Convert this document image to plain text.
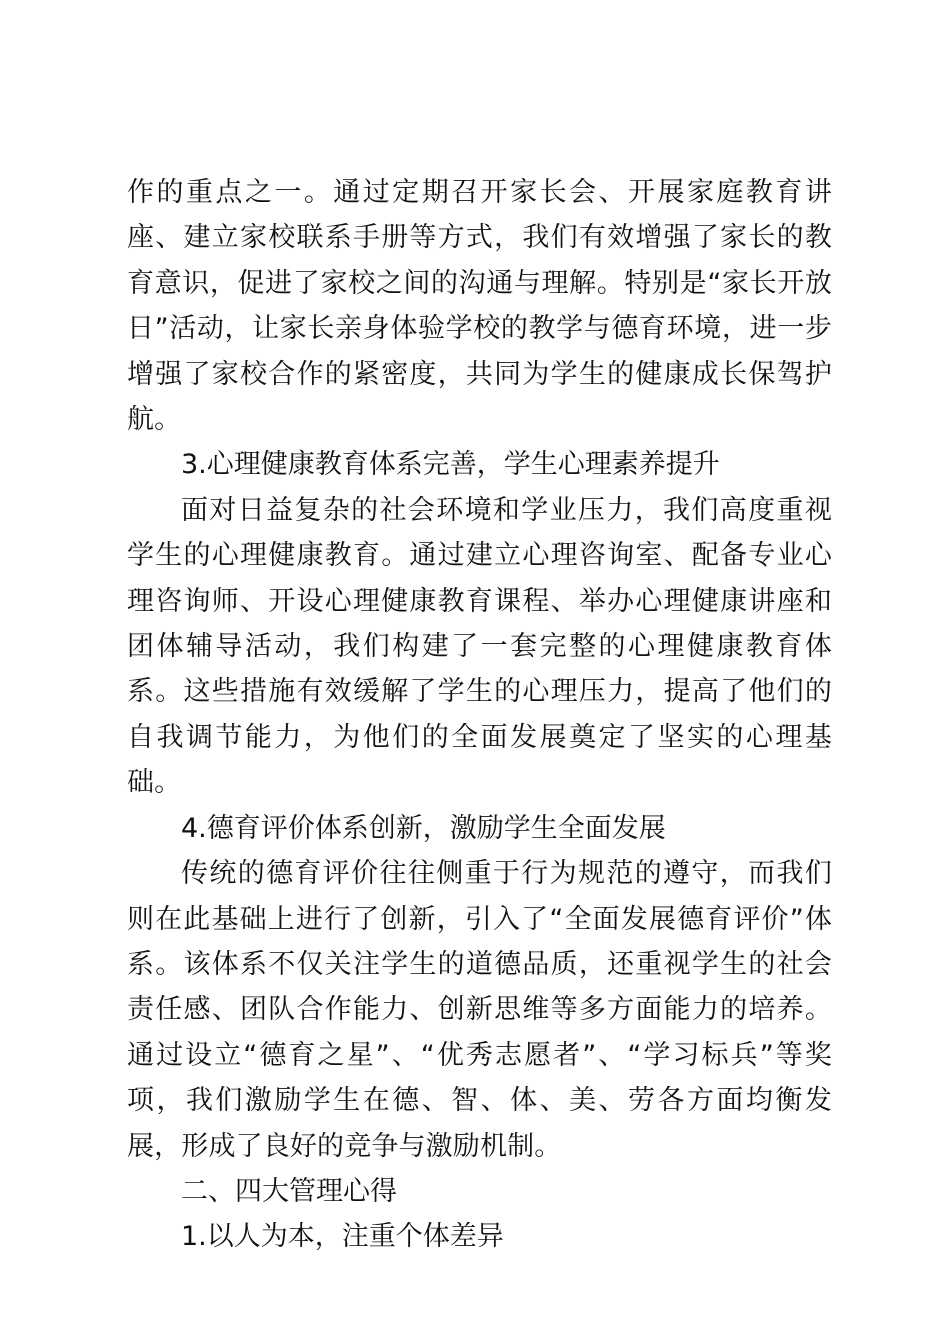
作的重点之一。通过定期召开家长会、开展家庭教育讲座、建立家校联系手册等方式，我们有效增强了家长的教育意识，促进了家校之间的沟通与理解。特别是“家长开放日”活动，让家长亲身体验学校的教学与德育环境，进一步增强了家校合作的紧密度，共同为学生的健康成长保驾护航。

3.心理健康教育体系完善，学生心理素养提升

面对日益复杂的社会环境和学业压力，我们高度重视学生的心理健康教育。通过建立心理咨询室、配备专业心理咨询师、开设心理健康教育课程、举办心理健康讲座和团体辅导活动，我们构建了一套完整的心理健康教育体系。这些措施有效缓解了学生的心理压力，提高了他们的自我调节能力，为他们的全面发展奠定了坚实的心理基础。

4.德育评价体系创新，激励学生全面发展

传统的德育评价往往侧重于行为规范的遵守，而我们则在此基础上进行了创新，引入了“全面发展德育评价”体系。该体系不仅关注学生的道德品质，还重视学生的社会责任感、团队合作能力、创新思维等多方面能力的培养。通过设立“德育之星”、“优秀志愿者”、“学习标兵”等奖项，我们激励学生在德、智、体、美、劳各方面均衡发展，形成了良好的竞争与激励机制。

二、四大管理心得

1.以人为本，注重个体差异
